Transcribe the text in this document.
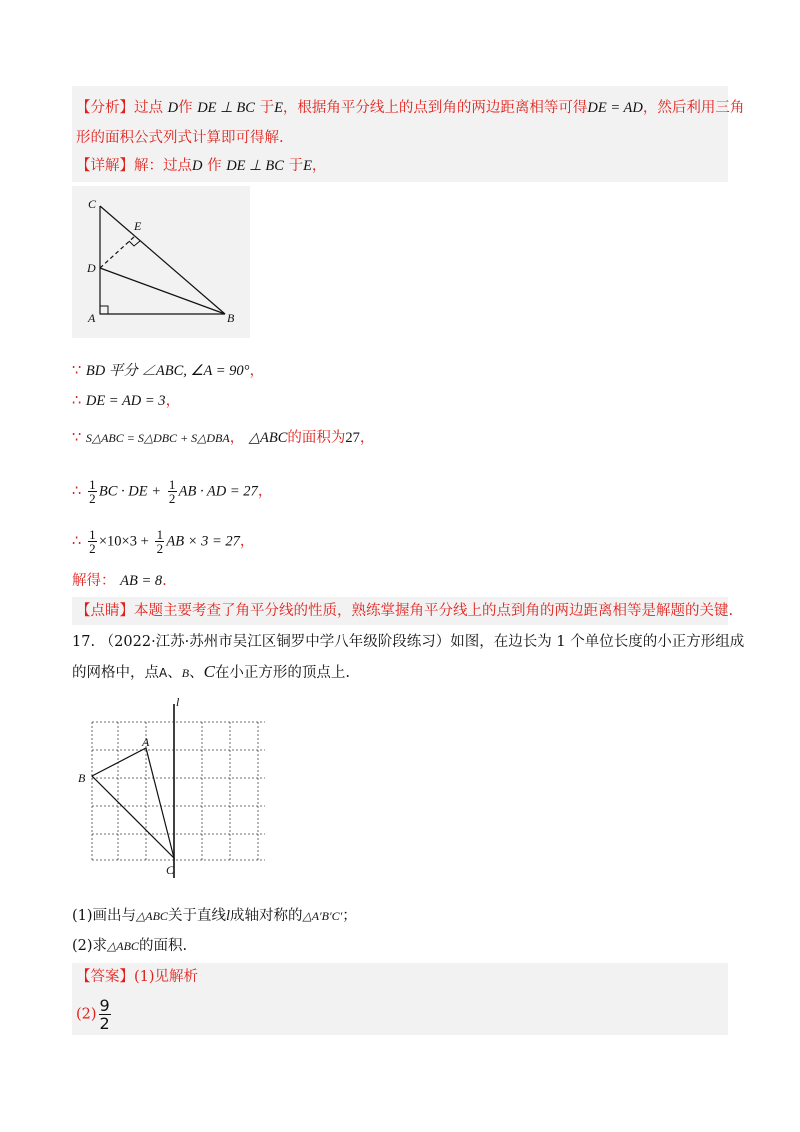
【分析】过点 D作 DE ⊥ BC 于E，根据角平分线上的点到角的两边距离相等可得DE = AD，然后利用三角
形的面积公式列式计算即可得解.
【详解】解：过点D 作 DE ⊥ BC 于E，
C
E
D
A	B
∵ BD 平分 ∠ABC, ∠A = 90°，
∴ DE = AD = 3，
∵ S△ABC = S△DBC + S△DBA， △ABC的面积为27，
∴ $\frac{1}{2}$ BC · DE + $\frac{1}{2}$ AB · AD = 27，
∴ $\frac{1}{2} \times 10\times 3 + \frac{1}{2}$ AB × 3 = 27，
解得： AB = 8.
【点睛】本题主要考查了角平分线的性质，熟练掌握角平分线上的点到角的两边距离相等是解题的关键.
17. （2022·江苏·苏州市吴江区铜罗中学八年级阶段练习）如图，在边长为 1 个单位长度的小正方形组成
的网格中，点A、B、C在小正方形的顶点上.
l
A
B
C
(1)画出与△ABC关于直线l成轴对称的△A′B′C′；
(2)求△ABC的面积.
【答案】(1)见解析
$(2) \frac{9}{2}$
